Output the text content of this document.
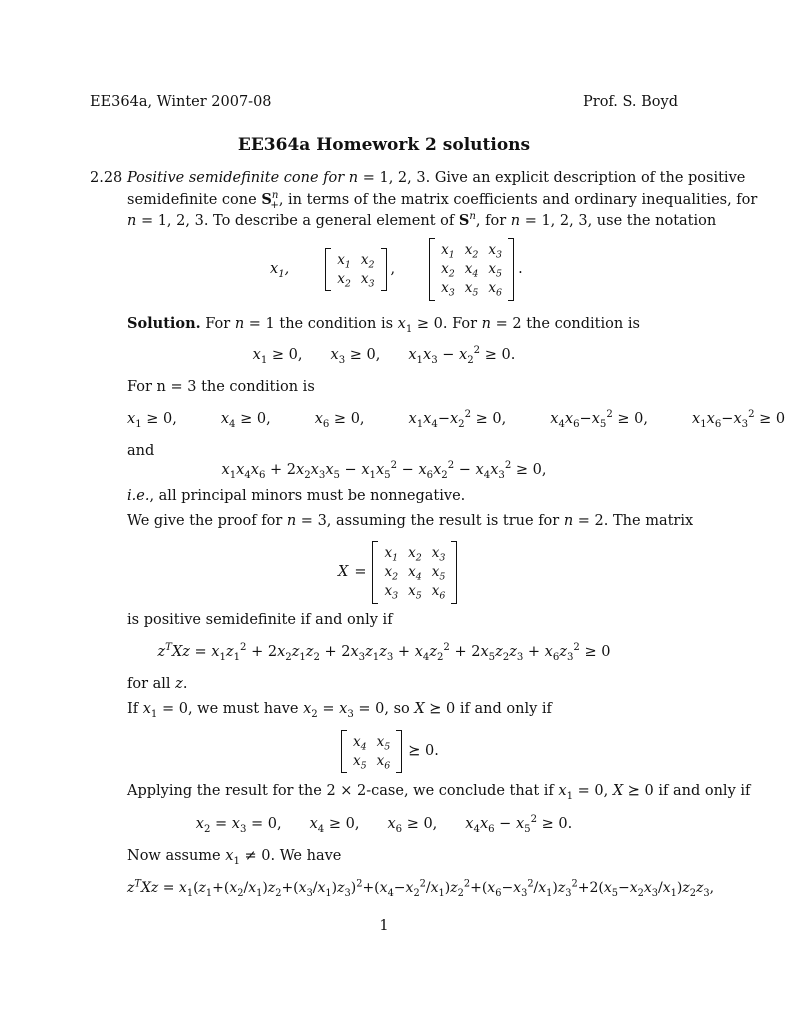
EE364a, Winter 2007-08	Prof. S. Boyd
EE364a Homework 2 solutions
2.28 Positive semidefinite cone for n = 1, 2, 3. Give an explicit description of the positive
semidefinite cone $S^n_+$, in terms of the matrix coefficients and ordinary inequalities, for
n = 1, 2, 3. To describe a general element of $S^n$, for n = 1, 2, 3, use the notation
$x_1$,
$x_1$ $x_2$
$x_2$ $x_3$
,
$x_1$ $x_2$ $x_3$
$x_2$ $x_4$ $x_5$
$x_3$ $x_5$ $x_6$
.
Solution. For n = 1 the condition is $x_1 \ge 0$. For n = 2 the condition is
$x_1 \ge 0$, $x_3 \ge 0$, $x_1x_3 - x_2^2 \ge 0$.
For n = 3 the condition is
$x_1 \ge 0$,	$x_4 \ge 0$,	$x_6 \ge 0$,	$x_1x_4-x_2^2 \ge 0$,	$x_4x_6-x_5^2 \ge 0$,	$x_1x_6-x_3^2 \ge 0$
and
$x_1x_4x_6 + 2x_2x_3x_5 - x_1x_5^2 - x_6x_2^2 - x_4x_3^2 \ge 0$,
i.e., all principal minors must be nonnegative.
We give the proof for n = 3, assuming the result is true for n = 2. The matrix
X =
$x_1$ $x_2$ $x_3$
$x_2$ $x_4$ $x_5$
$x_3$ $x_5$ $x_6$
is positive semidefinite if and only if
$z^TXz = x_1z_1^2 + 2x_2z_1z_2 + 2x_3z_1z_3 + x_4z_2^2 + 2x_5z_2z_3 + x_6z_3^2 \ge 0$
for all z.
If $x_1 = 0$, we must have $x_2 = x_3 = 0$, so X ⪰ 0 if and only if
$x_4$ $x_5$
$x_5$ $x_6$
⪰ 0.
Applying the result for the 2 × 2-case, we conclude that if $x_1 = 0$, X ⪰ 0 if and only if
$x_2 = x_3 = 0$, $x_4 \ge 0$, $x_6 \ge 0$, $x_4x_6 - x_5^2 \ge 0$.
Now assume $x_1 \ne 0$. We have
$z^TXz = x_1(z_1+(x_2/x_1)z_2+(x_3/x_1)z_3)^2+(x_4-x_2^2/x_1)z_2^2+(x_6-x_3^2/x_1)z_3^2+2(x_5-x_2x_3/x_1)z_2z_3$,
1
